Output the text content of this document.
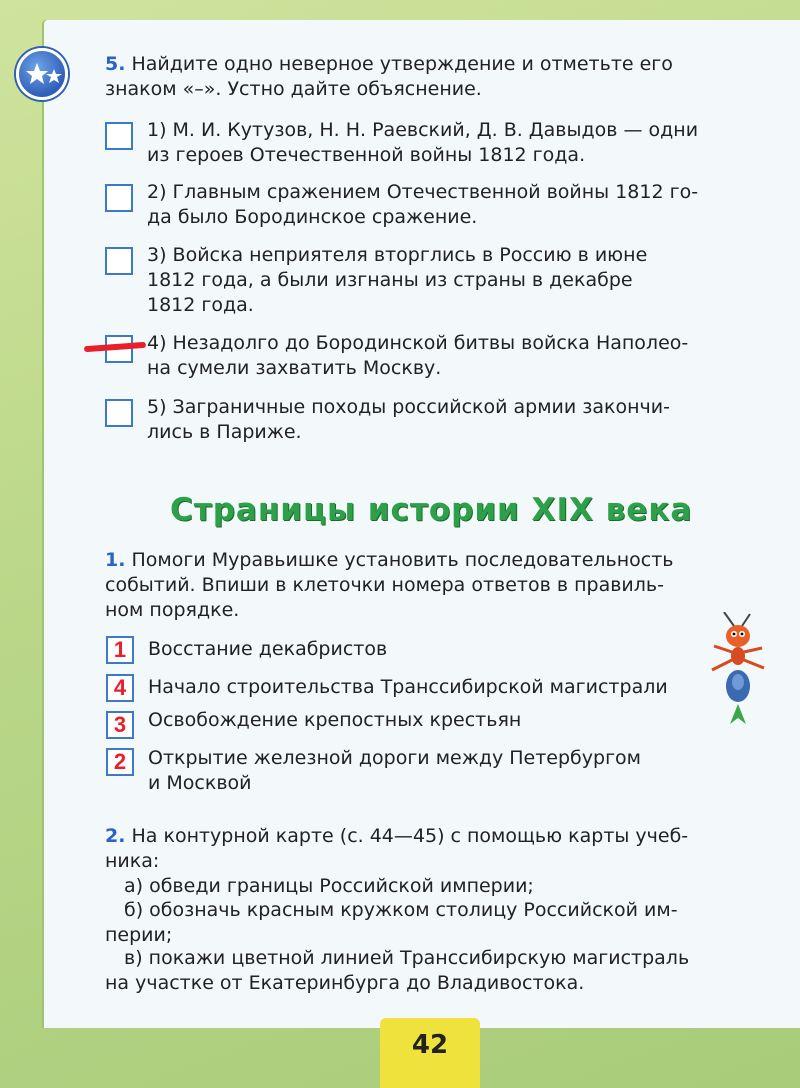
5. Найдите одно неверное утверждение и отметьте его
знаком «–». Устно дайте объяснение.
1) М. И. Кутузов, Н. Н. Раевский, Д. В. Давыдов — одни
из героев Отечественной войны 1812 года.
2) Главным сражением Отечественной войны 1812 го-
да было Бородинское сражение.
3) Войска неприятеля вторглись в Россию в июне
1812 года, а были изгнаны из страны в декабре
1812 года.
4) Незадолго до Бородинской битвы войска Наполео-
на сумели захватить Москву.
5) Заграничные походы российской армии закончи-
лись в Париже.
Страницы истории XIX века
1. Помоги Муравьишке установить последовательность
событий. Впиши в клеточки номера ответов в правиль-
ном порядке.
1	Восстание декабристов
4	Начало строительства Транссибирской магистрали
3	Освобождение крепостных крестьян
2	Открытие железной дороги между Петербургом
и Москвой
2. На контурной карте (с. 44—45) с помощью карты учеб-
ника:
а) обведи границы Российской империи;
б) обозначь красным кружком столицу Российской им-
перии;
в) покажи цветной линией Транссибирскую магистраль
на участке от Екатеринбурга до Владивостока.
42
